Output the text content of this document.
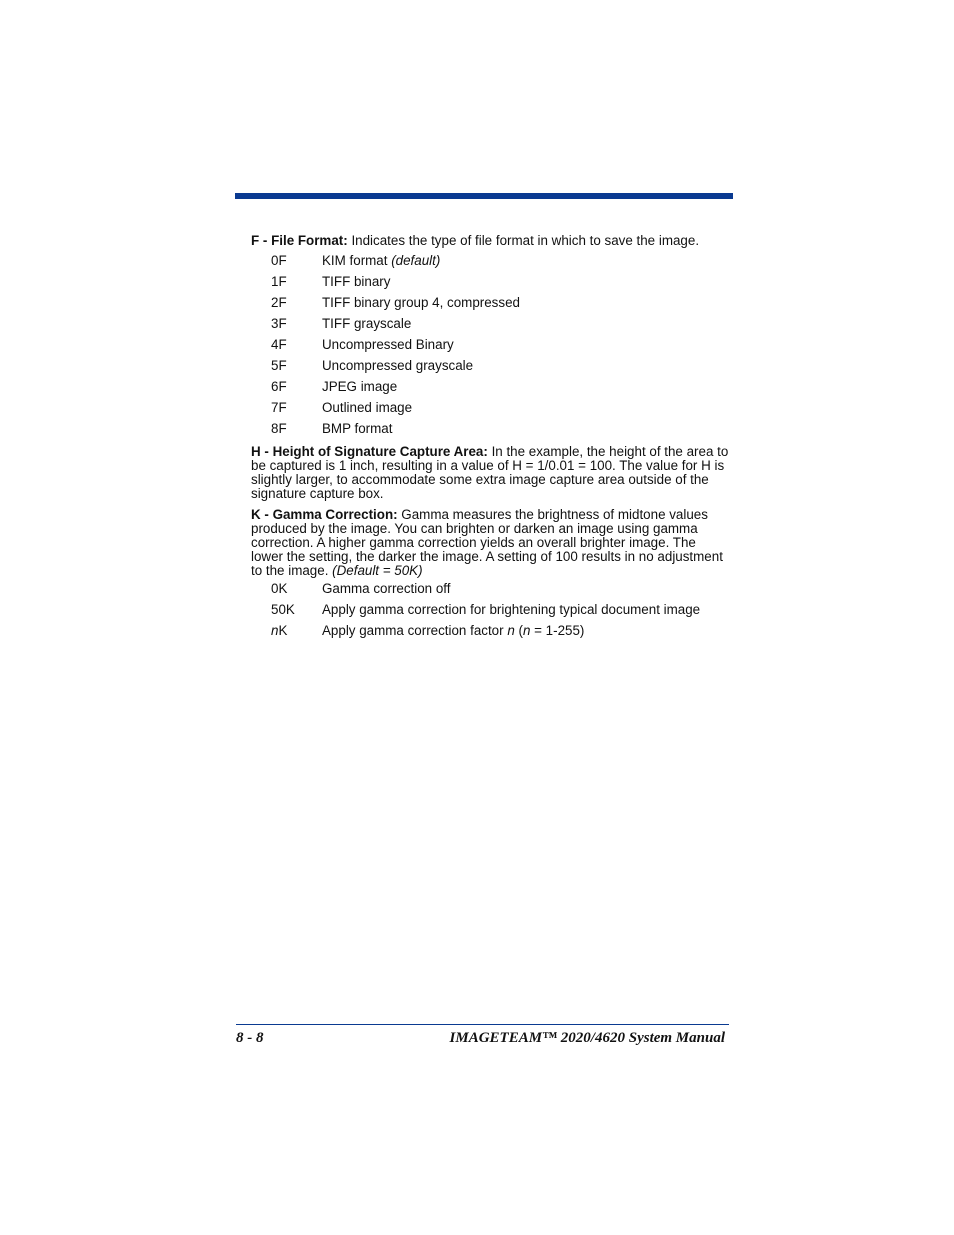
F - File Format: Indicates the type of file format in which to save the image.

0F	KIM format (default)
1F	TIFF binary
2F	TIFF binary group 4, compressed
3F	TIFF grayscale
4F	Uncompressed Binary
5F	Uncompressed grayscale
6F	JPEG image
7F	Outlined image
8F	BMP format

H - Height of Signature Capture Area: In the example, the height of the area to be captured is 1 inch, resulting in a value of H = 1/0.01 = 100. The value for H is slightly larger, to accommodate some extra image capture area outside of the signature capture box.

K - Gamma Correction: Gamma measures the brightness of midtone values produced by the image. You can brighten or darken an image using gamma correction. A higher gamma correction yields an overall brighter image. The lower the setting, the darker the image. A setting of 100 results in no adjustment to the image. (Default = 50K)

0K	Gamma correction off
50K	Apply gamma correction for brightening typical document image
nK	Apply gamma correction factor n (n = 1-255)
8 - 8	IMAGETEAM™ 2020/4620 System Manual
